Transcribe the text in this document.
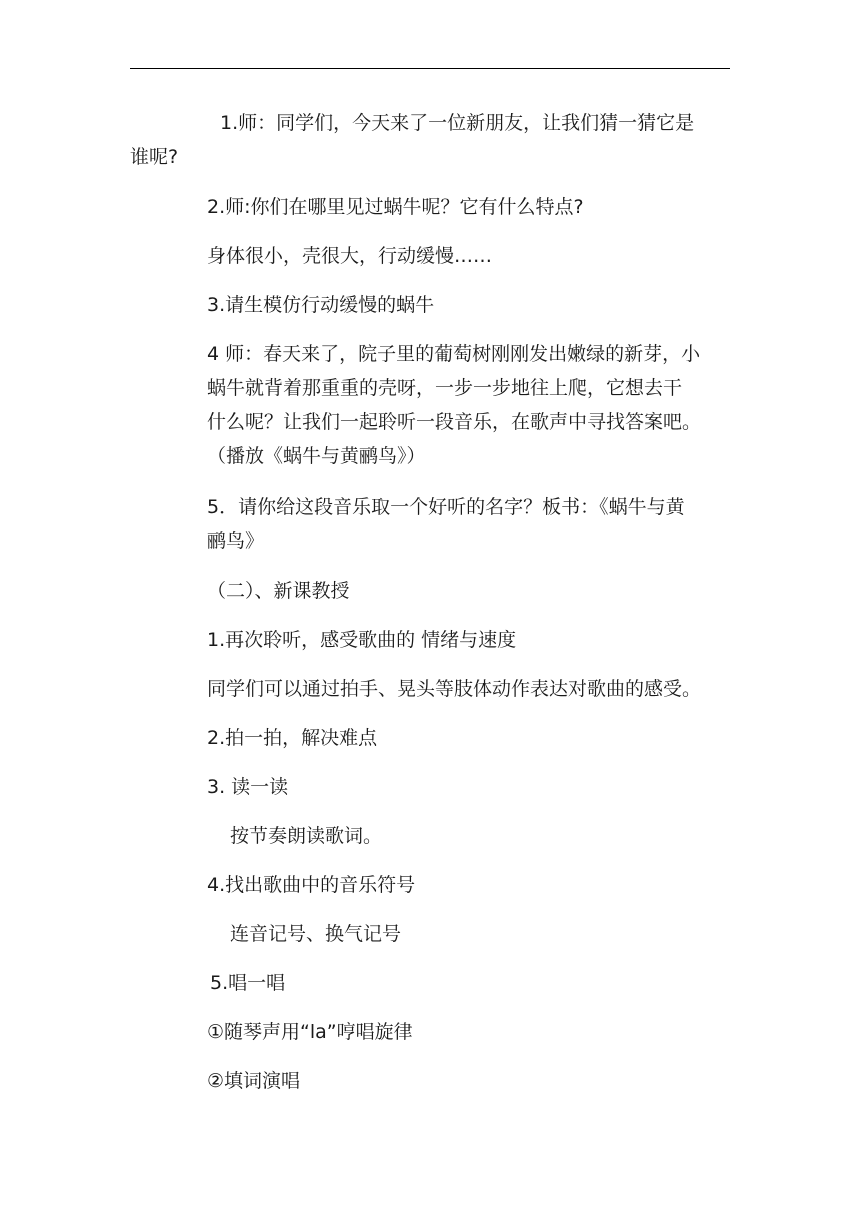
1.师：同学们，今天来了一位新朋友，让我们猜一猜它是
谁呢?

2.师:你们在哪里见过蜗牛呢？它有什么特点?

身体很小，壳很大，行动缓慢……

3.请生模仿行动缓慢的蜗牛

4 师：春天来了，院子里的葡萄树刚刚发出嫩绿的新芽，小
蜗牛就背着那重重的壳呀，一步一步地往上爬，它想去干
什么呢？让我们一起聆听一段音乐，在歌声中寻找答案吧。
（播放《蜗牛与黄鹂鸟》）
5．请你给这段音乐取一个好听的名字？板书：《蜗牛与黄
鹂鸟》

（二）、新课教授

1.再次聆听，感受歌曲的 情绪与速度

同学们可以通过拍手、晃头等肢体动作表达对歌曲的感受。

2.拍一拍，解决难点

3. 读一读

按节奏朗读歌词。

4.找出歌曲中的音乐符号

连音记号、换气记号

5.唱一唱

①随琴声用“la”哼唱旋律

②填词演唱
